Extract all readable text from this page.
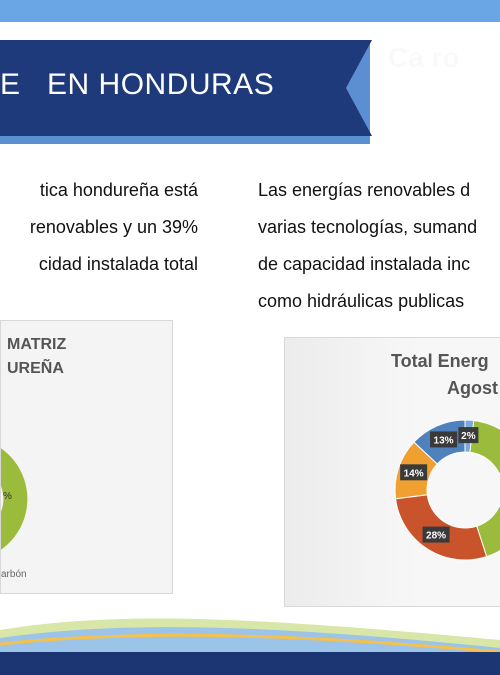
E   EN HONDURAS
Ca ro
tica hondureña está
renovables y un 39%
cidad instalada total
Las energías renovables d
varias tecnologías, sumand
de capacidad instalada inc
como hidráulicas publicas
MATRIZ
UREÑA
%
arbón
Total Energ
Agost
2%
13%
14%
28%
